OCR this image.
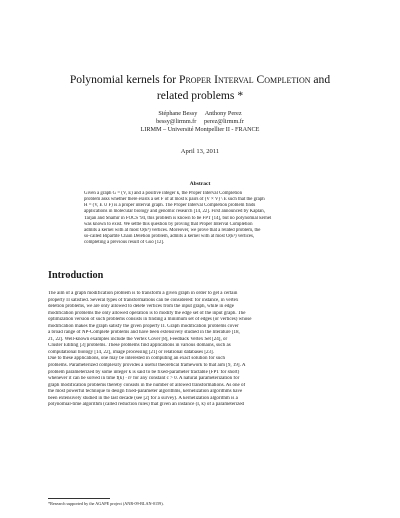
Polynomial kernels for Proper Interval Completion and
related problems *
Stéphane Bessy     Anthony Perez
bessy@lirmm.fr     perez@lirmm.fr
LIRMM – Université Montpellier II - FRANCE
April 13, 2011
Abstract
Given a graph G = (V, E) and a positive integer k, the Proper Interval Completion
problem asks whether there exists a set F of at most k pairs of (V × V) \ E such that the graph
H = (V, E ∪ F) is a proper interval graph. The Proper Interval Completion problem finds
applications in molecular biology and genomic research [14, 22]. First announced by Kaplan,
Tarjan and Shamir in FOCS '94, this problem is known to be FPT [14], but no polynomial kernel
was known to exist. We settle this question by proving that Proper Interval Completion
admits a kernel with at most O(k³) vertices. Moreover, we prove that a related problem, the
so-called Bipartite Chain Deletion problem, admits a kernel with at most O(k²) vertices,
completing a previous result of Guo [12].
Introduction
The aim of a graph modification problem is to transform a given graph in order to get a certain
property Π satisfied. Several types of transformations can be considered: for instance, in vertex
deletion problems, we are only allowed to delete vertices from the input graph, while in edge
modification problems the only allowed operation is to modify the edge set of the input graph. The
optimization version of such problems consists in finding a minimum set of edges (or vertices) whose
modification makes the graph satisfy the given property Π. Graph modification problems cover
a broad range of NP-Complete problems and have been extensively studied in the literature [18,
21, 22]. Well-known examples include the Vertex Cover [8], Feedback Vertex Set [24], or
Cluster Editing [3] problems. These problems find applications in various domains, such as
computational biology [14, 22], image processing [21] or relational databases [23].
Due to these applications, one may be interested in computing an exact solution for such
problems. Parameterized complexity provides a useful theoretical framework to that aim [9, 19]. A
problem parameterized by some integer k is said to be fixed-parameter tractable (FPT for short)
whenever it can be solved in time f(k) · nᶜ for any constant c > 0. A natural parameterization for
graph modification problems thereby consists in the number of allowed transformations. As one of
the most powerful technique to design fixed-parameter algorithms, kernelization algorithms have
been extensively studied in the last decade (see [2] for a survey). A kernelization algorithm is a
polynomial-time algorithm (called reduction rules) that given an instance (I, k) of a parameterized
*Research supported by the AGAPE project (ANR-09-BLAN-0159).
